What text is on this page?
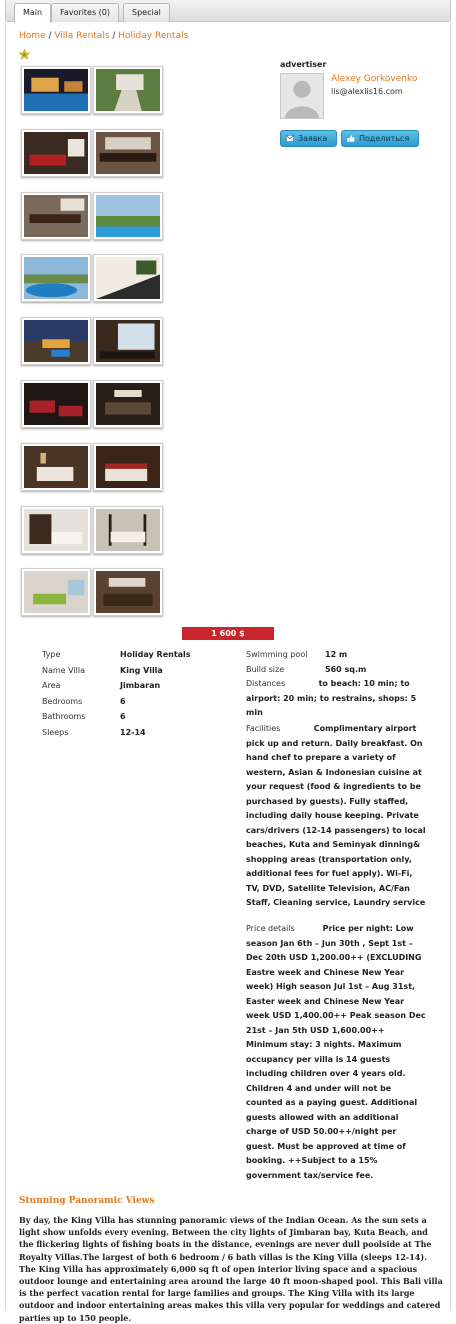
Main	Favorites (0)	Special
Home / Villa Rentals / Holiday Rentals
advertiser
Alexey Gorkovenko
lis@alexlis16.com
Заявка	Поделиться
1 600 $
Swimming pool 12 m
Build size	560 sq.m
Distances	to beach: 10 min; to airport: 20 min; to restrains, shops: 5 min
Facilities	Complimentary airport pick up and return. Daily breakfast. On hand chef to prepare a variety of western, Asian & Indonesian cuisine at your request (food & ingredients to be purchased by guests). Fully staffed, including daily house keeping. Private cars/drivers (12-14 passengers) to local beaches, Kuta and Seminyak dinning& shopping areas (transportation only, additional fees for fuel apply). Wi-Fi, TV, DVD, Satellite Television, AC/Fan Staff, Cleaning service, Laundry service
Price details	Price per night: Low season Jan 6th – Jun 30th , Sept 1st – Dec 20th USD 1,200.00++ (EXCLUDING Eastre week and Chinese New Year week) High season Jul 1st – Aug 31st, Easter week and Chinese New Year week USD 1,400.00++ Peak season Dec 21st – Jan 5th USD 1,600.00++ Minimum stay: 3 nights. Maximum occupancy per villa is 14 guests including children over 4 years old. Children 4 and under will not be counted as a paying guest. Additional guests allowed with an additional charge of USD 50.00++/night per guest. Must be approved at time of booking. ++Subject to a 15% government tax/service fee.
Stunning Panoramic Views
By day, the King Villa has stunning panoramic views of the Indian Ocean. As the sun sets a light show unfolds every evening. Between the city lights of Jimbaran bay, Kuta Beach, and the flickering lights of fishing boats in the distance, evenings are never dull poolside at The Royalty Villas.The largest of both 6 bedroom / 6 bath villas is the King Villa (sleeps 12-14). The King Villa has approximately 6,000 sq ft of open interior living space and a spacious outdoor lounge and entertaining area around the large 40 ft moon-shaped pool. This Bali villa is the perfect vacation rental for large families and groups. The King Villa with its large outdoor and indoor entertaining areas makes this villa very popular for weddings and catered parties up to 150 people.
Type	Holiday Rentals
Name Villa	King Villa
Area	Jimbaran
Bedrooms	6
Bathrooms	6
Sleeps	12-14
